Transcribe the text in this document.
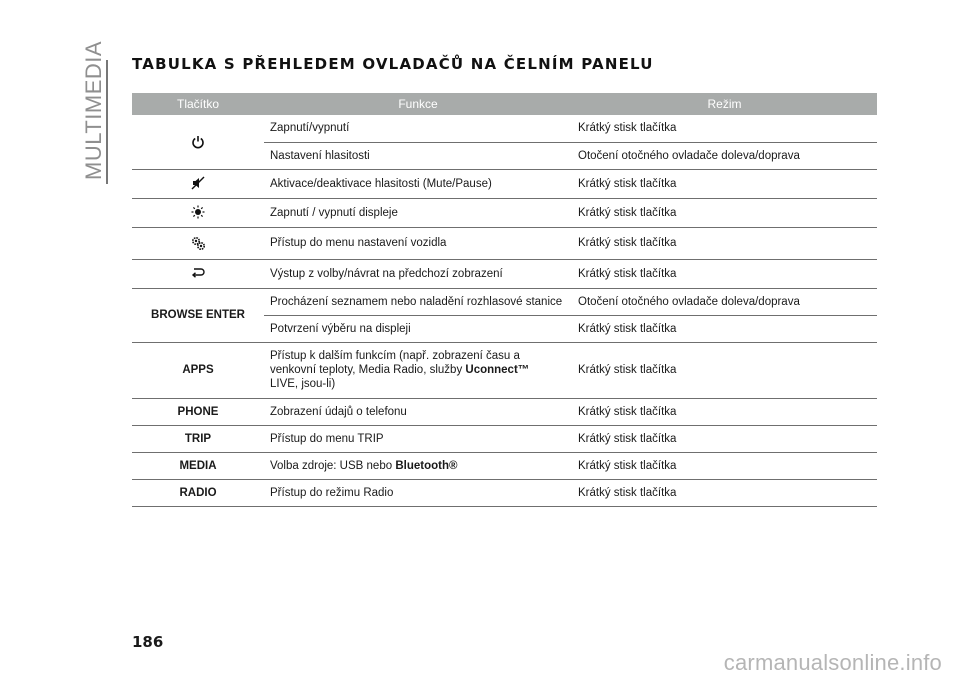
MULTIMEDIA TABULKA S PŘEHLEDEM OVLADAČŮ NA ČELNÍM PANELU
Tlačítko	Funkce	Režim
	Zapnutí/vypnutí	Krátký stisk tlačítka
	Nastavení hlasitosti	Otočení otočného ovladače doleva/doprava
	Aktivace/deaktivace hlasitosti (Mute/Pause)	Krátký stisk tlačítka
	Zapnutí / vypnutí displeje	Krátký stisk tlačítka
	Přístup do menu nastavení vozidla	Krátký stisk tlačítka
	Výstup z volby/návrat na předchozí zobrazení	Krátký stisk tlačítka
BROWSE ENTER	Procházení seznamem nebo naladění rozhlasové stanice	Otočení otočného ovladače doleva/doprava
	Potvrzení výběru na displeji	Krátký stisk tlačítka
APPS	Přístup k dalším funkcím (např. zobrazení času a
venkovní teploty, Media Radio, služby Uconnect™
LIVE, jsou-li)	Krátký stisk tlačítka
PHONE	Zobrazení údajů o telefonu	Krátký stisk tlačítka
TRIP	Přístup do menu TRIP	Krátký stisk tlačítka
MEDIA	Volba zdroje: USB nebo Bluetooth®	Krátký stisk tlačítka
RADIO	Přístup do režimu Radio	Krátký stisk tlačítka
186
carmanualsonline.info
